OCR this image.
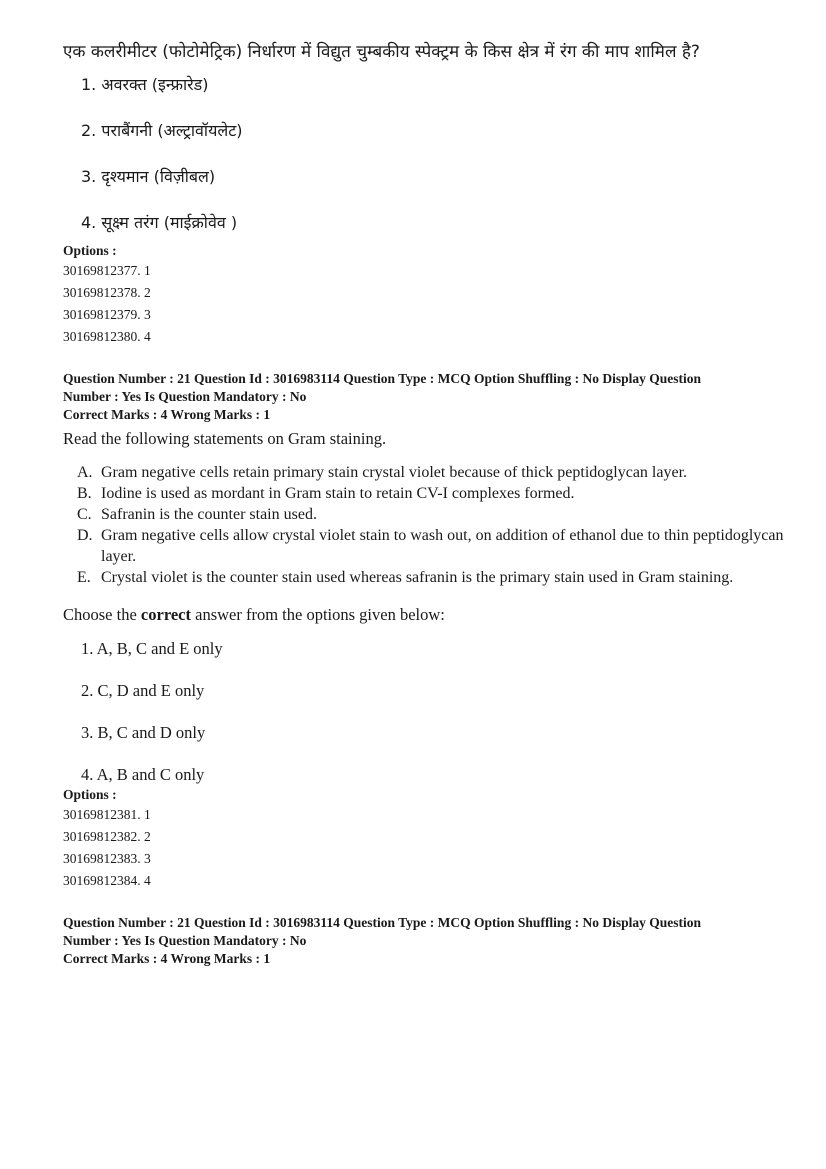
एक कलरीमीटर (फोटोमेट्रिक) निर्धारण में विद्युत चुम्बकीय स्पेक्ट्रम के किस क्षेत्र में रंग की माप शामिल है?

1. अवरक्त (इन्फ्रारेड)
2. पराबैंगनी (अल्ट्रावॉयलेट)
3. दृश्यमान (विज़ीबल)
4. सूक्ष्म तरंग (माईक्रोवेव )

Options :

30169812377. 1

30169812378. 2

30169812379. 3

30169812380. 4

Question Number : 21 Question Id : 3016983114 Question Type : MCQ Option Shuffling : No Display Question

Number : Yes Is Question Mandatory : No

Correct Marks : 4 Wrong Marks : 1

Read the following statements on Gram staining.

A. Gram negative cells retain primary stain crystal violet because of thick peptidoglycan layer.
B. Iodine is used as mordant in Gram stain to retain CV-I complexes formed.
C. Safranin is the counter stain used.
D. Gram negative cells allow crystal violet stain to wash out, on addition of ethanol due to thin peptidoglycan layer.
E. Crystal violet is the counter stain used whereas safranin is the primary stain used in Gram staining.

Choose the correct answer from the options given below:

1. A, B, C and E only
2. C, D and E only
3. B, C and D only
4. A, B and C only

Options :

30169812381. 1

30169812382. 2

30169812383. 3

30169812384. 4

Question Number : 21 Question Id : 3016983114 Question Type : MCQ Option Shuffling : No Display Question

Number : Yes Is Question Mandatory : No

Correct Marks : 4 Wrong Marks : 1
